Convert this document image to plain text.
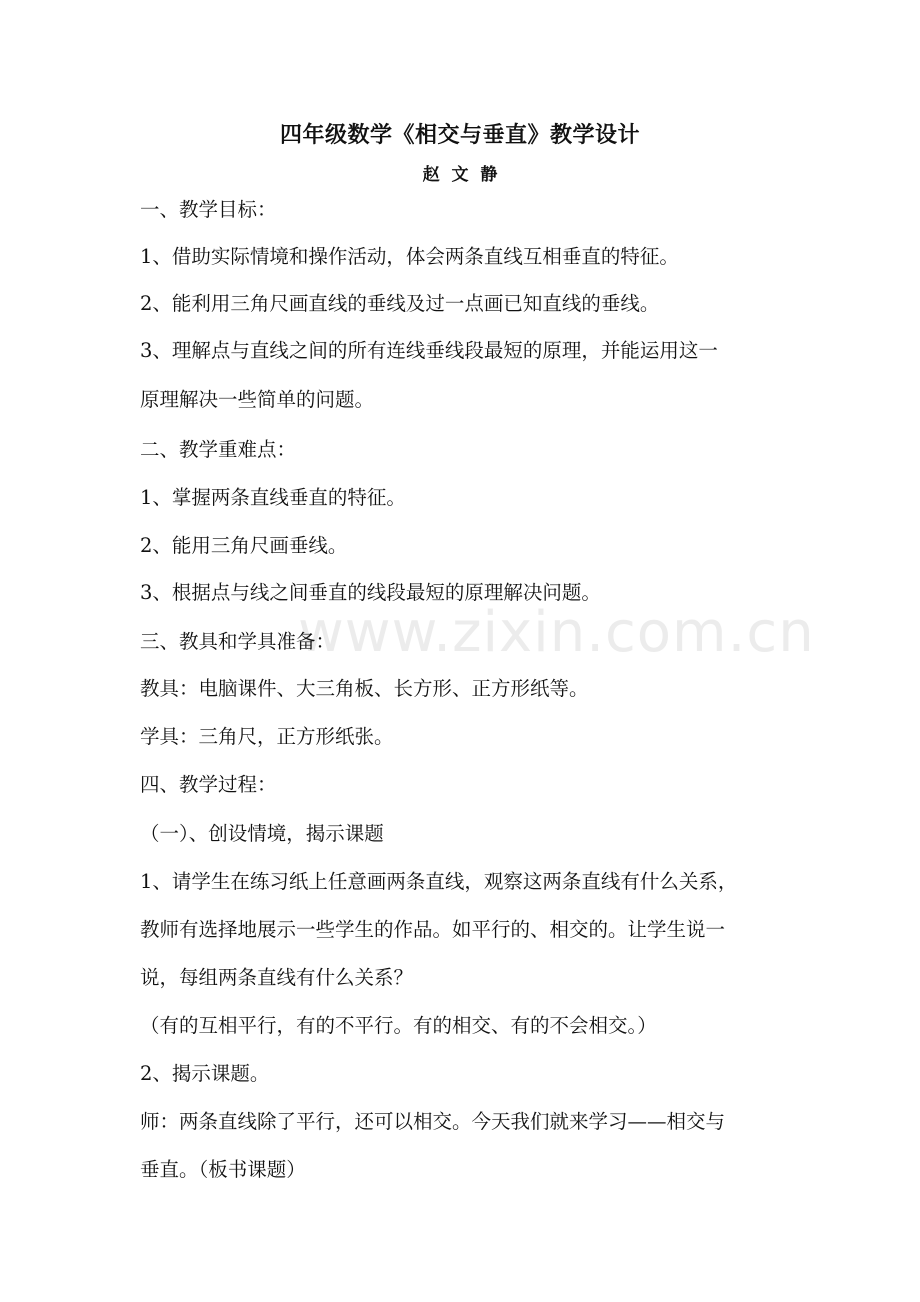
www.zixin.com.cn
四年级数学《相交与垂直》教学设计
赵 文 静
一、教学目标：
1、借助实际情境和操作活动，体会两条直线互相垂直的特征。
2、能利用三角尺画直线的垂线及过一点画已知直线的垂线。
3、理解点与直线之间的所有连线垂线段最短的原理，并能运用这一
原理解决一些简单的问题。
二、教学重难点：
1、掌握两条直线垂直的特征。
2、能用三角尺画垂线。
3、根据点与线之间垂直的线段最短的原理解决问题。
三、教具和学具准备：
教具：电脑课件、大三角板、长方形、正方形纸等。
学具：三角尺，正方形纸张。
四、教学过程：
（一）、创设情境，揭示课题
1、请学生在练习纸上任意画两条直线，观察这两条直线有什么关系，
教师有选择地展示一些学生的作品。如平行的、相交的。让学生说一
说，每组两条直线有什么关系？
（有的互相平行，有的不平行。有的相交、有的不会相交。）
2、揭示课题。
师：两条直线除了平行，还可以相交。今天我们就来学习——相交与
垂直。（板书课题）
